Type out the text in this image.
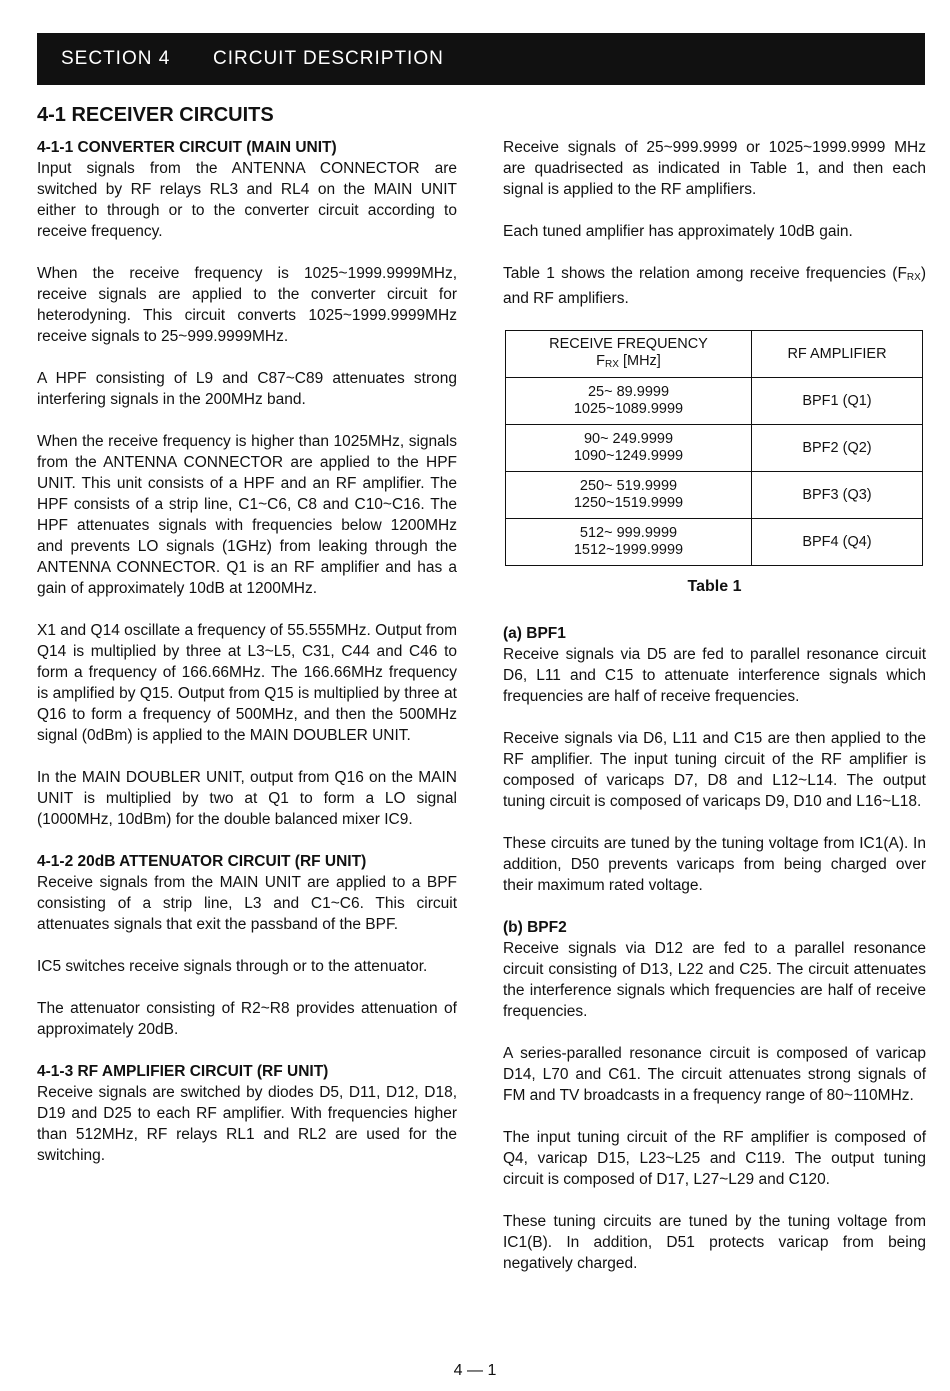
SECTION 4 CIRCUIT DESCRIPTION
4-1 RECEIVER CIRCUITS
4-1-1 CONVERTER CIRCUIT (MAIN UNIT)

Input signals from the ANTENNA CONNECTOR are switched by RF relays RL3 and RL4 on the MAIN UNIT either to through or to the converter circuit according to receive frequency.

When the receive frequency is 1025~1999.9999MHz, receive signals are applied to the converter circuit for heterodyning. This circuit converts 1025~1999.9999MHz receive signals to 25~999.9999MHz.

A HPF consisting of L9 and C87~C89 attenuates strong interfering signals in the 200MHz band.

When the receive frequency is higher than 1025MHz, signals from the ANTENNA CONNECTOR are applied to the HPF UNIT. This unit consists of a HPF and an RF amplifier. The HPF consists of a strip line, C1~C6, C8 and C10~C16. The HPF attenuates signals with frequencies below 1200MHz and prevents LO signals (1GHz) from leaking through the ANTENNA CONNECTOR. Q1 is an RF amplifier and has a gain of approximately 10dB at 1200MHz.

X1 and Q14 oscillate a frequency of 55.555MHz. Output from Q14 is multiplied by three at L3~L5, C31, C44 and C46 to form a frequency of 166.66MHz. The 166.66MHz frequency is amplified by Q15. Output from Q15 is multiplied by three at Q16 to form a frequency of 500MHz, and then the 500MHz signal (0dBm) is applied to the MAIN DOUBLER UNIT.

In the MAIN DOUBLER UNIT, output from Q16 on the MAIN UNIT is multiplied by two at Q1 to form a LO signal (1000MHz, 10dBm) for the double balanced mixer IC9.

4-1-2 20dB ATTENUATOR CIRCUIT (RF UNIT)

Receive signals from the MAIN UNIT are applied to a BPF consisting of a strip line, L3 and C1~C6. This circuit attenuates signals that exit the passband of the BPF.

IC5 switches receive signals through or to the attenuator.

The attenuator consisting of R2~R8 provides attenuation of approximately 20dB.

4-1-3 RF AMPLIFIER CIRCUIT (RF UNIT)

Receive signals are switched by diodes D5, D11, D12, D18, D19 and D25 to each RF amplifier. With frequencies higher than 512MHz, RF relays RL1 and RL2 are used for the switching.

Receive signals of 25~999.9999 or 1025~1999.9999 MHz are quadrisected as indicated in Table 1, and then each signal is applied to the RF amplifiers.

Each tuned amplifier has approximately 10dB gain.

Table 1 shows the relation among receive frequencies $(F_{RX})$ and RF amplifiers.

RECEIVE FREQUENCY
$F_{RX}$ [MHz]	RF AMPLIFIER

25~ 89.9999
1025~1089.9999	BPF1 (Q1)

90~ 249.9999
1090~1249.9999	BPF2 (Q2)

250~ 519.9999
1250~1519.9999	BPF3 (Q3)

512~ 999.9999
1512~1999.9999	BPF4 (Q4)
Table 1
(a) BPF1

Receive signals via D5 are fed to parallel resonance circuit D6, L11 and C15 to attenuate interference signals which frequencies are half of receive frequencies.

Receive signals via D6, L11 and C15 are then applied to the RF amplifier. The input tuning circuit of the RF amplifier is composed of varicaps D7, D8 and L12~L14. The output tuning circuit is composed of varicaps D9, D10 and L16~L18.

These circuits are tuned by the tuning voltage from IC1(A). In addition, D50 prevents varicaps from being charged over their maximum rated voltage.

(b) BPF2

Receive signals via D12 are fed to a parallel resonance circuit consisting of D13, L22 and C25. The circuit attenuates the interference signals which frequencies are half of receive frequencies.

A series-paralled resonance circuit is composed of varicap D14, L70 and C61. The circuit attenuates strong signals of FM and TV broadcasts in a frequency range of 80~110MHz.

The input tuning circuit of the RF amplifier is composed of Q4, varicap D15, L23~L25 and C119. The output tuning circuit is composed of D17, L27~L29 and C120.

These tuning circuits are tuned by the tuning voltage from IC1(B). In addition, D51 protects varicap from being negatively charged.

4 — 1
